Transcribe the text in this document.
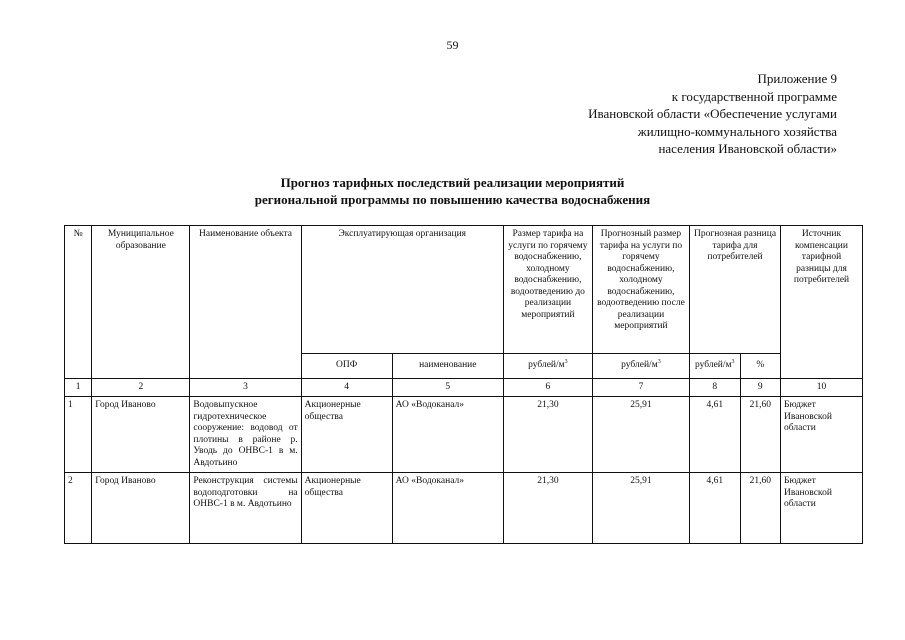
59
Приложение 9
к государственной программе
Ивановской области «Обеспечение услугами
жилищно-коммунального хозяйства
населения Ивановской области»
Прогноз тарифных последствий реализации мероприятий
региональной программы по повышению качества водоснабжения
№	Муниципальное образование	Наименование объекта	Эксплуатирующая организация		Размер тарифа на услуги по горячему водоснабжению, холодному водоснабжению, водоотведению до реализации мероприятий	Прогнозный размер тарифа на услуги по горячему водоснабжению, холодному водоснабжению, водоотведению после реализации мероприятий	Прогнозная разница тарифа для потребителей		Источник компенсации тарифной разницы для потребителей
			ОПФ	наименование	рублей/$м^3$	рублей/$м^3$	рублей/$м^3$	%	
1	2	3	4	5	6	7	8	9	10
1	Город Иваново	Водовыпускное гидротехническое сооружение: водовод от плотины в районе р. Уводь до ОНВС-1 в м. Авдотьино	Акционерные общества	АО «Водоканал»	21,30	25,91	4,61	21,60	Бюджет Ивановской области
2	Город Иваново	Реконструкция системы водоподготовки на ОНВС-1 в м. Авдотьино	Акционерные общества	АО «Водоканал»	21,30	25,91	4,61	21,60	Бюджет Ивановской области
